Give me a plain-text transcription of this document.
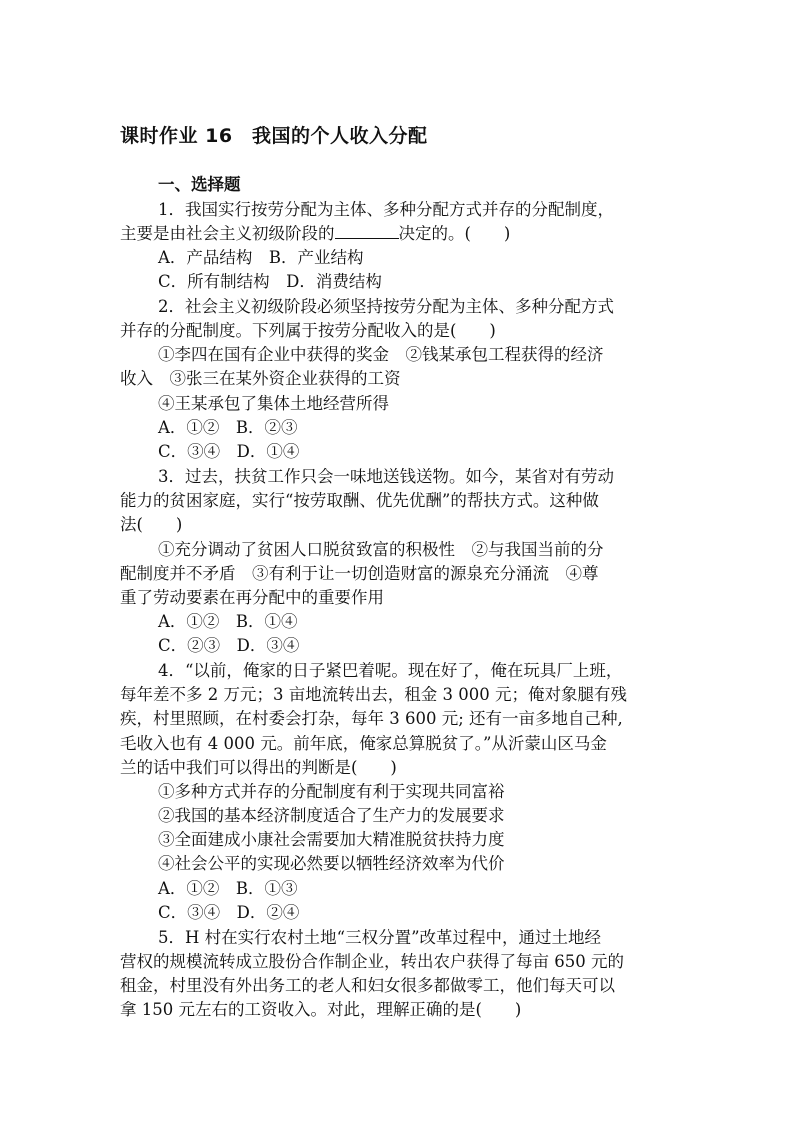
课时作业 16　我国的个人收入分配
一、选择题
1．我国实行按劳分配为主体、多种分配方式并存的分配制度，
主要是由社会主义初级阶段的	决定的。(　　)
A．产品结构　B．产业结构
C．所有制结构　D．消费结构
2．社会主义初级阶段必须坚持按劳分配为主体、多种分配方式
并存的分配制度。下列属于按劳分配收入的是(　　)
①李四在国有企业中获得的奖金　②钱某承包工程获得的经济
收入　③张三在某外资企业获得的工资
④王某承包了集体土地经营所得
A．①②　B．②③
C．③④　D．①④
3．过去，扶贫工作只会一味地送钱送物。如今，某省对有劳动
能力的贫困家庭，实行“按劳取酬、优先优酬”的帮扶方式。这种做
法(　　)
①充分调动了贫困人口脱贫致富的积极性　②与我国当前的分
配制度并不矛盾　③有利于让一切创造财富的源泉充分涌流　④尊
重了劳动要素在再分配中的重要作用
A．①②　B．①④
C．②③　D．③④
4．“以前，俺家的日子紧巴着呢。现在好了，俺在玩具厂上班，
每年差不多 2 万元；3 亩地流转出去，租金 3 000 元；俺对象腿有残
疾，村里照顾，在村委会打杂，每年 3 600 元; 还有一亩多地自己种,
毛收入也有 4 000 元。前年底，俺家总算脱贫了。”从沂蒙山区马金
兰的话中我们可以得出的判断是(　　)
①多种方式并存的分配制度有利于实现共同富裕
②我国的基本经济制度适合了生产力的发展要求
③全面建成小康社会需要加大精准脱贫扶持力度
④社会公平的实现必然要以牺牲经济效率为代价
A．①②　B．①③
C．③④　D．②④
5．H 村在实行农村土地“三权分置”改革过程中，通过土地经
营权的规模流转成立股份合作制企业，转出农户获得了每亩 650 元的
租金，村里没有外出务工的老人和妇女很多都做零工，他们每天可以
拿 150 元左右的工资收入。对此，理解正确的是(　　)
